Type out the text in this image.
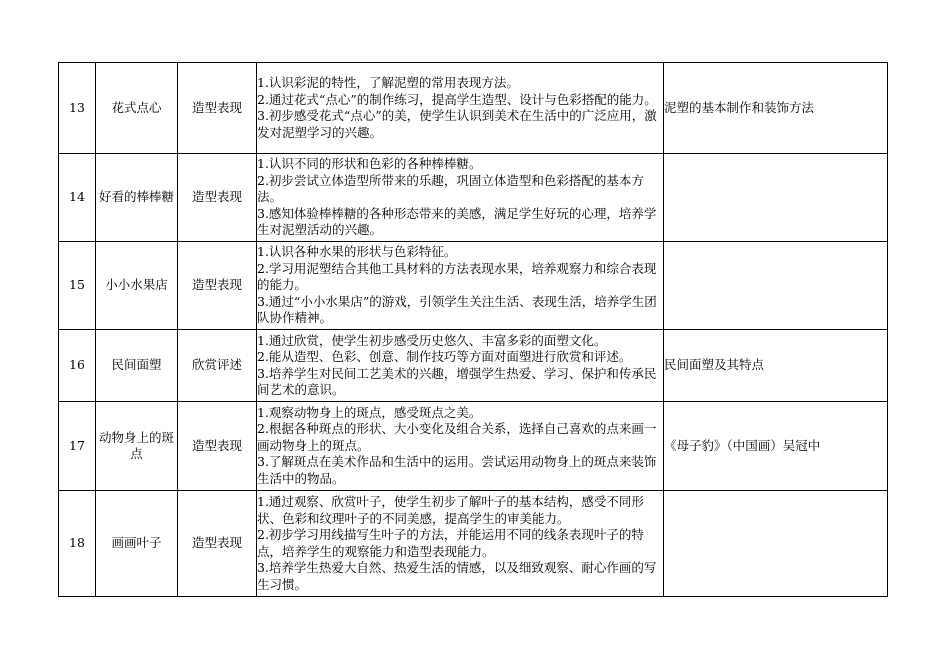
13	花式点心	造型表现	1.认识彩泥的特性，了解泥塑的常用表现方法。
2.通过花式“点心”的制作练习，提高学生造型、设计与色彩搭配的能力。
3.初步感受花式“点心”的美，使学生认识到美术在生活中的广泛应用，激发对泥塑学习的兴趣。	泥塑的基本制作和装饰方法
14	好看的棒棒糖	造型表现	1.认识不同的形状和色彩的各种棒棒糖。
2.初步尝试立体造型所带来的乐趣，巩固立体造型和色彩搭配的基本方法。
3.感知体验棒棒糖的各种形态带来的美感，满足学生好玩的心理，培养学生对泥塑活动的兴趣。	

15	小小水果店	造型表现	1.认识各种水果的形状与色彩特征。
2.学习用泥塑结合其他工具材料的方法表现水果，培养观察力和综合表现的能力。
3.通过“小小水果店”的游戏，引领学生关注生活、表现生活，培养学生团队协作精神。	

16	民间面塑	欣赏评述	1.通过欣赏，使学生初步感受历史悠久、丰富多彩的面塑文化。
2.能从造型、色彩、创意、制作技巧等方面对面塑进行欣赏和评述。
3.培养学生对民间工艺美术的兴趣，增强学生热爱、学习、保护和传承民间艺术的意识。	民间面塑及其特点
17	动物身上的斑点	造型表现	1.观察动物身上的斑点，感受斑点之美。
2.根据各种斑点的形状、大小变化及组合关系，选择自己喜欢的点来画一画动物身上的斑点。
3.了解斑点在美术作品和生活中的运用。尝试运用动物身上的斑点来装饰生活中的物品。	《母子豹》（中国画）吴冠中
18	画画叶子	造型表现	1.通过观察、欣赏叶子，使学生初步了解叶子的基本结构，感受不同形状、色彩和纹理叶子的不同美感，提高学生的审美能力。
2.初步学习用线描写生叶子的方法，并能运用不同的线条表现叶子的特点，培养学生的观察能力和造型表现能力。
3.培养学生热爱大自然、热爱生活的情感，以及细致观察、耐心作画的写生习惯。	
